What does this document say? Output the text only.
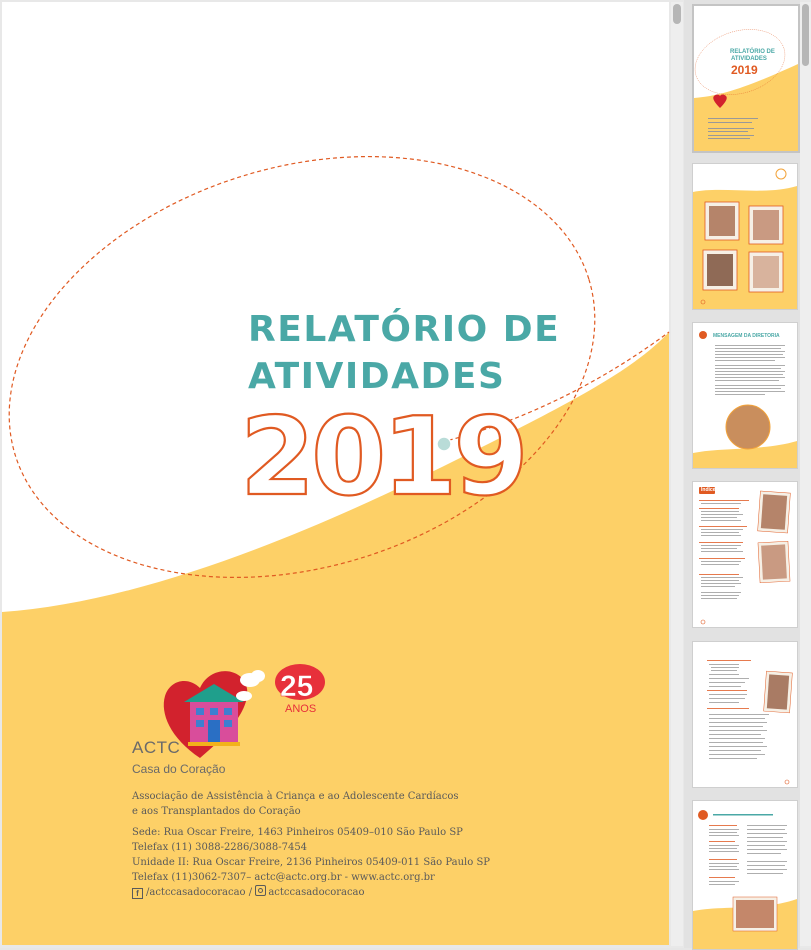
RELATÓRIO DE
ATIVIDADES
2019
25
ANOS
ACTC
Casa do Coração
Associação de Assistência à Criança e ao Adolescente Cardíacos e aos Transplantados do Coração
Sede: Rua Oscar Freire, 1463 Pinheiros 05409–010 São Paulo SP
Telefax (11) 3088-2286/3088-7454
Unidade II: Rua Oscar Freire, 2136 Pinheiros 05409-011 São Paulo SP
Telefax (11)3062-7307– actc@actc.org.br - www.actc.org.br
f /actccasadocoracao / actccasadocoracao
RELATÓRIO DE
ATIVIDADES
2019
MENSAGEM DA DIRETORIA
Índice
